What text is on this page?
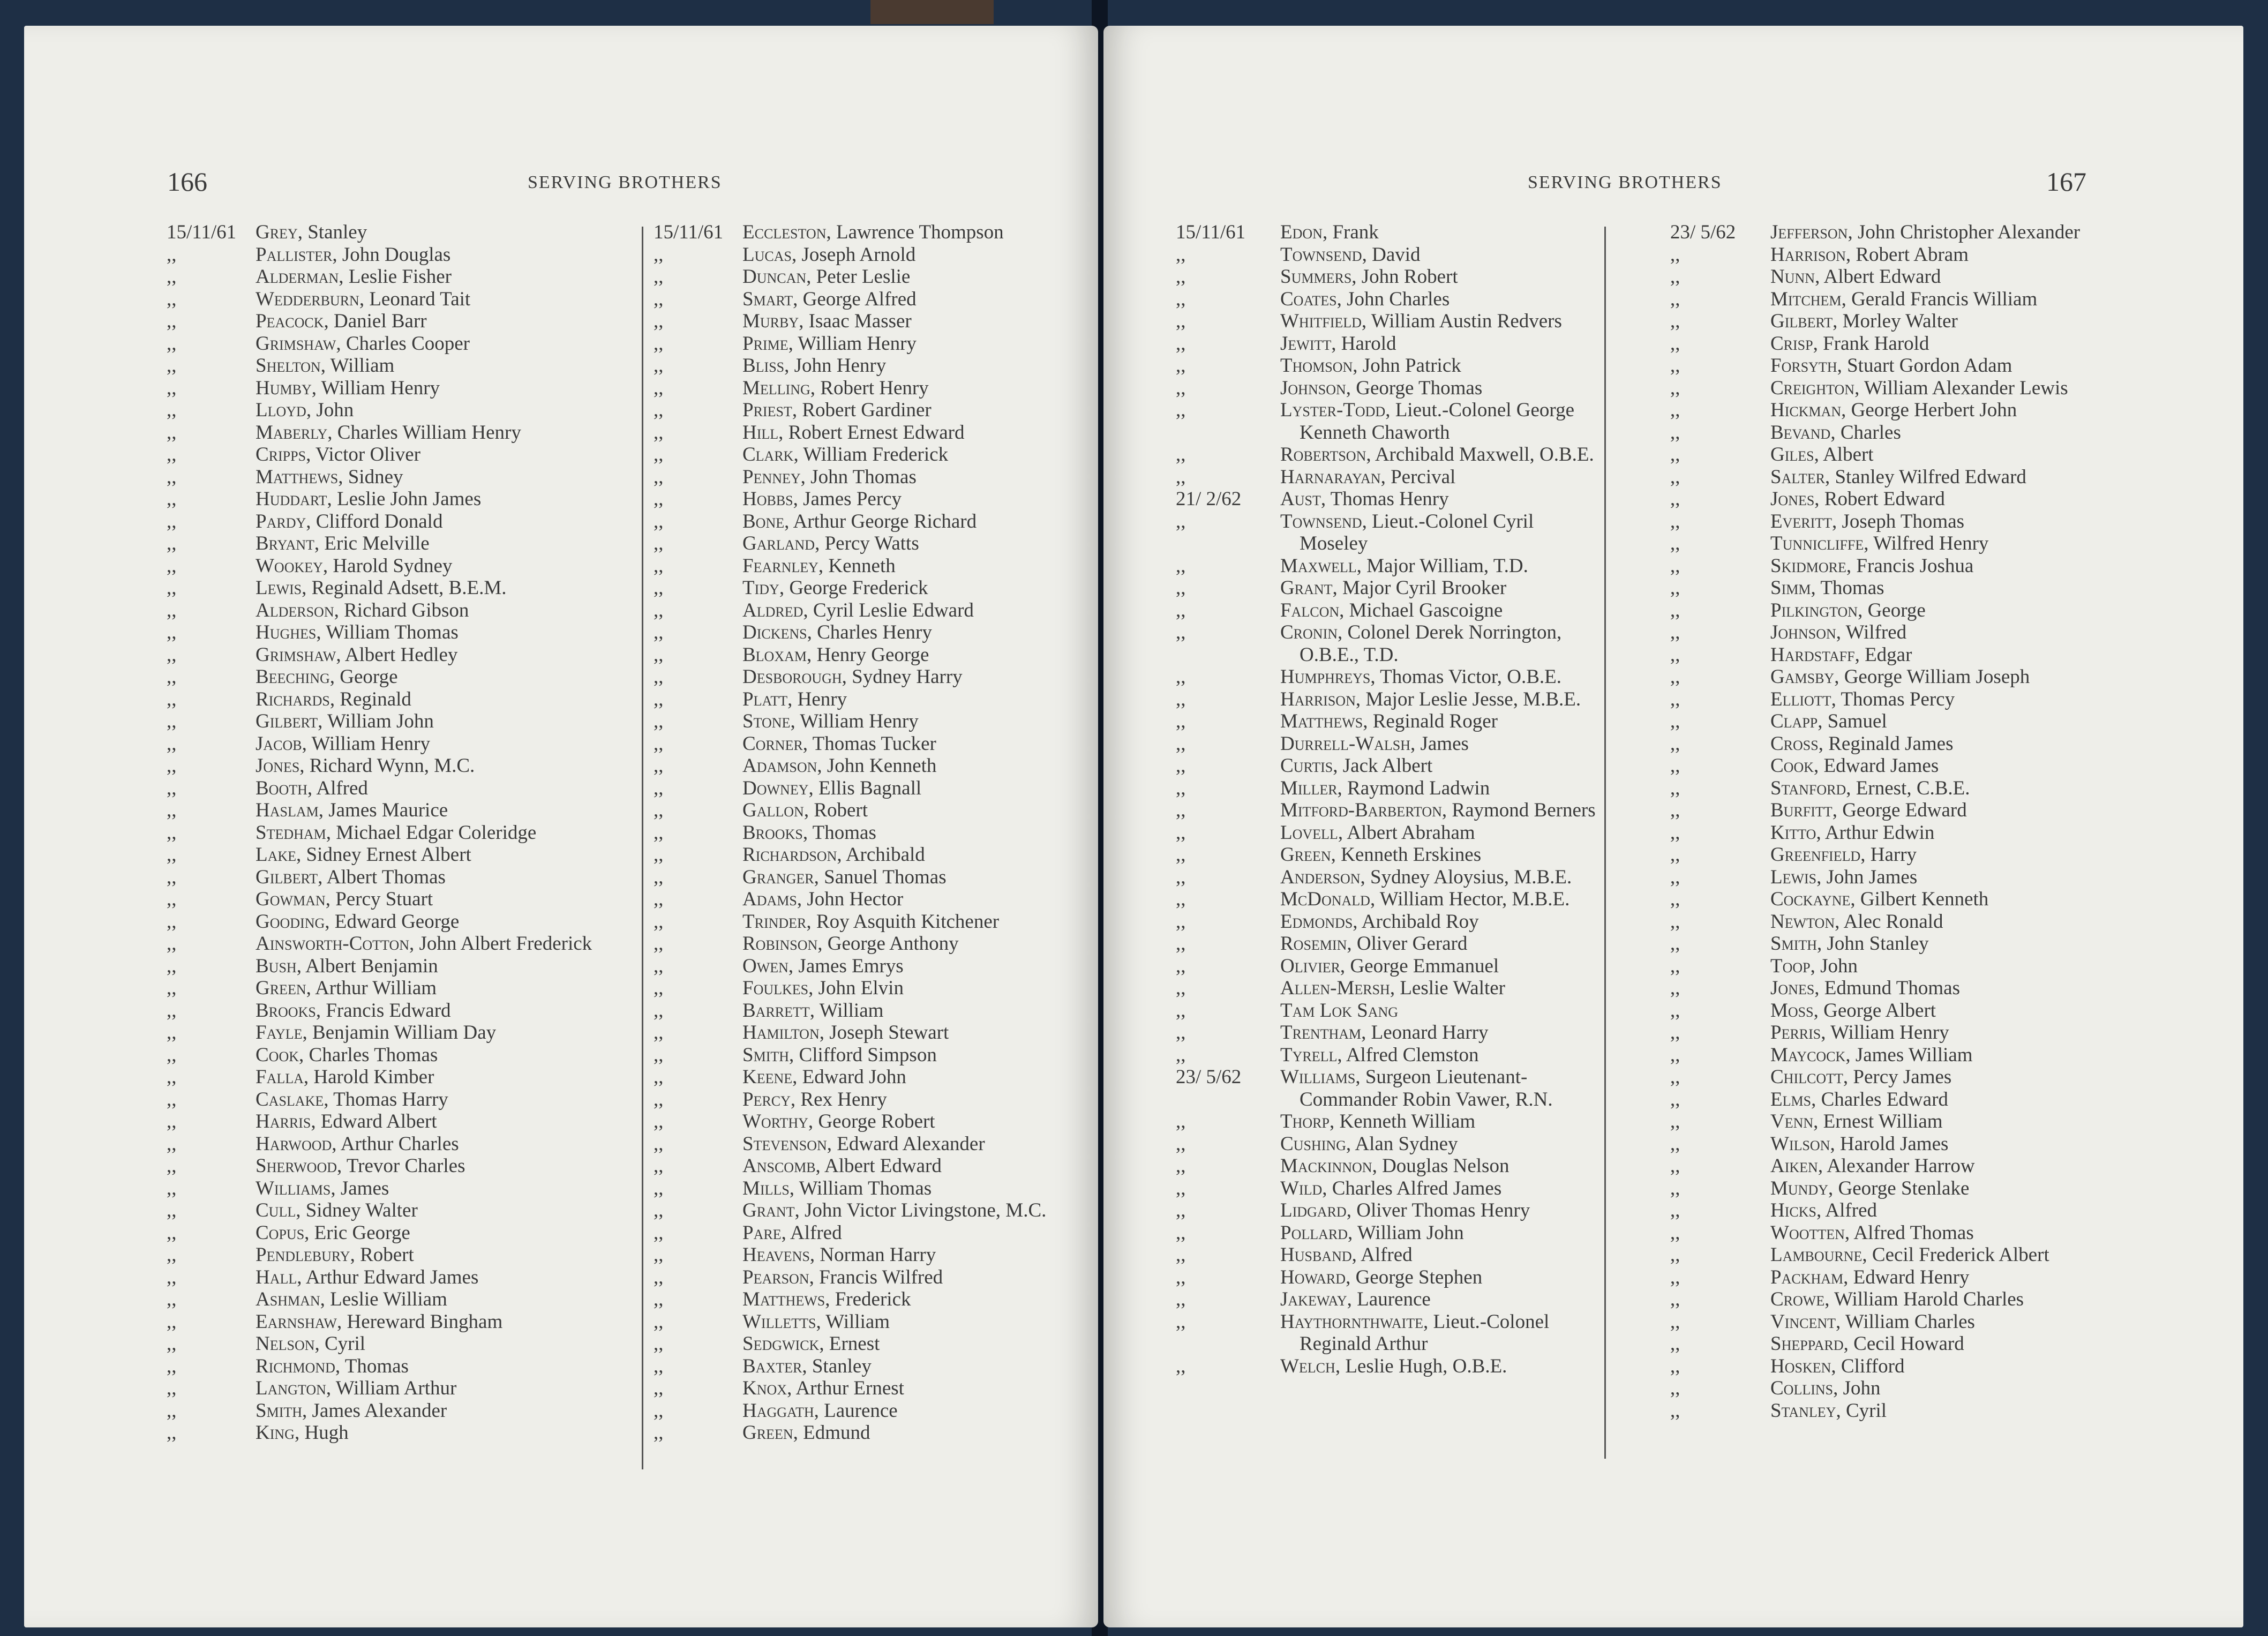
166	SERVING BROTHERS
15/11/61 Grey, Stanley
,,	Pallister, John Douglas
,,	Alderman, Leslie Fisher
,,	Wedderburn, Leonard Tait
,,	Peacock, Daniel Barr
,,	Grimshaw, Charles Cooper
,,	Shelton, William
,,	Humby, William Henry
,,	Lloyd, John
,,	Maberly, Charles William Henry
,,	Cripps, Victor Oliver
,,	Matthews, Sidney
,,	Huddart, Leslie John James
,,	Pardy, Clifford Donald
,,	Bryant, Eric Melville
,,	Wookey, Harold Sydney
,,	Lewis, Reginald Adsett, B.E.M.
,,	Alderson, Richard Gibson
,,	Hughes, William Thomas
,,	Grimshaw, Albert Hedley
,,	Beeching, George
,,	Richards, Reginald
,,	Gilbert, William John
,,	Jacob, William Henry
,,	Jones, Richard Wynn, M.C.
,,	Booth, Alfred
,,	Haslam, James Maurice
,,	Stedham, Michael Edgar Coleridge
,,	Lake, Sidney Ernest Albert
,,	Gilbert, Albert Thomas
,,	Gowman, Percy Stuart
,,	Gooding, Edward George
,,	Ainsworth-Cotton, John Albert Frederick
,,	Bush, Albert Benjamin
,,	Green, Arthur William
,,	Brooks, Francis Edward
,,	Fayle, Benjamin William Day
,,	Cook, Charles Thomas
,,	Falla, Harold Kimber
,,	Caslake, Thomas Harry
,,	Harris, Edward Albert
,,	Harwood, Arthur Charles
,,	Sherwood, Trevor Charles
,,	Williams, James
,,	Cull, Sidney Walter
,,	Copus, Eric George
,,	Pendlebury, Robert
,,	Hall, Arthur Edward James
,,	Ashman, Leslie William
,,	Earnshaw, Hereward Bingham
,,	Nelson, Cyril
,,	Richmond, Thomas
,,	Langton, William Arthur
,,	Smith, James Alexander
,,	King, Hugh
15/11/61 Eccleston, Lawrence Thompson
,,	Lucas, Joseph Arnold
,,	Duncan, Peter Leslie
,,	Smart, George Alfred
,,	Murby, Isaac Masser
,,	Prime, William Henry
,,	Bliss, John Henry
,,	Melling, Robert Henry
,,	Priest, Robert Gardiner
,,	Hill, Robert Ernest Edward
,,	Clark, William Frederick
,,	Penney, John Thomas
,,	Hobbs, James Percy
,,	Bone, Arthur George Richard
,,	Garland, Percy Watts
,,	Fearnley, Kenneth
,,	Tidy, George Frederick
,,	Aldred, Cyril Leslie Edward
,,	Dickens, Charles Henry
,,	Bloxam, Henry George
,,	Desborough, Sydney Harry
,,	Platt, Henry
,,	Stone, William Henry
,,	Corner, Thomas Tucker
,,	Adamson, John Kenneth
,,	Downey, Ellis Bagnall
,,	Gallon, Robert
,,	Brooks, Thomas
,,	Richardson, Archibald
,,	Granger, Sanuel Thomas
,,	Adams, John Hector
,,	Trinder, Roy Asquith Kitchener
,,	Robinson, George Anthony
,,	Owen, James Emrys
,,	Foulkes, John Elvin
,,	Barrett, William
,,	Hamilton, Joseph Stewart
,,	Smith, Clifford Simpson
,,	Keene, Edward John
,,	Percy, Rex Henry
,,	Worthy, George Robert
,,	Stevenson, Edward Alexander
,,	Anscomb, Albert Edward
,,	Mills, William Thomas
,,	Grant, John Victor Livingstone, M.C.
,,	Pare, Alfred
,,	Heavens, Norman Harry
,,	Pearson, Francis Wilfred
,,	Matthews, Frederick
,,	Willetts, William
,,	Sedgwick, Ernest
,,	Baxter, Stanley
,,	Knox, Arthur Ernest
,,	Haggath, Laurence
,,	Green, Edmund
SERVING BROTHERS	167
15/11/61	Edon, Frank
,,	Townsend, David
,,	Summers, John Robert
,,	Coates, John Charles
,,	Whitfield, William Austin Redvers
,,	Jewitt, Harold
,,	Thomson, John Patrick
,,	Johnson, George Thomas
,,	Lyster-Todd, Lieut.-Colonel George Kenneth Chaworth
,,	Robertson, Archibald Maxwell, O.B.E.
,,	Harnarayan, Percival
21/ 2/62	Aust, Thomas Henry
,,	Townsend, Lieut.-Colonel Cyril Moseley
,,	Maxwell, Major William, T.D.
,,	Grant, Major Cyril Brooker
,,	Falcon, Michael Gascoigne
,,	Cronin, Colonel Derek Norrington, O.B.E., T.D.
,,	Humphreys, Thomas Victor, O.B.E.
,,	Harrison, Major Leslie Jesse, M.B.E.
,,	Matthews, Reginald Roger
,,	Durrell-Walsh, James
,,	Curtis, Jack Albert
,,	Miller, Raymond Ladwin
,,	Mitford-Barberton, Raymond Berners
,,	Lovell, Albert Abraham
,,	Green, Kenneth Erskines
,,	Anderson, Sydney Aloysius, M.B.E.
,,	McDonald, William Hector, M.B.E.
,,	Edmonds, Archibald Roy
,,	Rosemin, Oliver Gerard
,,	Olivier, George Emmanuel
,,	Allen-Mersh, Leslie Walter
,,	Tam Lok Sang
,,	Trentham, Leonard Harry
,,	Tyrell, Alfred Clemston
23/ 5/62	Williams, Surgeon Lieutenant-Commander Robin Vawer, R.N.
,,	Thorp, Kenneth William
,,	Cushing, Alan Sydney
,,	Mackinnon, Douglas Nelson
,,	Wild, Charles Alfred James
,,	Lidgard, Oliver Thomas Henry
,,	Pollard, William John
,,	Husband, Alfred
,,	Howard, George Stephen
,,	Jakeway, Laurence
,,	Haythornthwaite, Lieut.-Colonel Reginald Arthur
,,	Welch, Leslie Hugh, O.B.E.
23/ 5/62	Jefferson, John Christopher Alexander
,,	Harrison, Robert Abram
,,	Nunn, Albert Edward
,,	Mitchem, Gerald Francis William
,,	Gilbert, Morley Walter
,,	Crisp, Frank Harold
,,	Forsyth, Stuart Gordon Adam
,,	Creighton, William Alexander Lewis
,,	Hickman, George Herbert John
,,	Bevand, Charles
,,	Giles, Albert
,,	Salter, Stanley Wilfred Edward
,,	Jones, Robert Edward
,,	Everitt, Joseph Thomas
,,	Tunnicliffe, Wilfred Henry
,,	Skidmore, Francis Joshua
,,	Simm, Thomas
,,	Pilkington, George
,,	Johnson, Wilfred
,,	Hardstaff, Edgar
,,	Gamsby, George William Joseph
,,	Elliott, Thomas Percy
,,	Clapp, Samuel
,,	Cross, Reginald James
,,	Cook, Edward James
,,	Stanford, Ernest, C.B.E.
,,	Burfitt, George Edward
,,	Kitto, Arthur Edwin
,,	Greenfield, Harry
,,	Lewis, John James
,,	Cockayne, Gilbert Kenneth
,,	Newton, Alec Ronald
,,	Smith, John Stanley
,,	Toop, John
,,	Jones, Edmund Thomas
,,	Moss, George Albert
,,	Perris, William Henry
,,	Maycock, James William
,,	Chilcott, Percy James
,,	Elms, Charles Edward
,,	Venn, Ernest William
,,	Wilson, Harold James
,,	Aiken, Alexander Harrow
,,	Mundy, George Stenlake
,,	Hicks, Alfred
,,	Wootten, Alfred Thomas
,,	Lambourne, Cecil Frederick Albert
,,	Packham, Edward Henry
,,	Crowe, William Harold Charles
,,	Vincent, William Charles
,,	Sheppard, Cecil Howard
,,	Hosken, Clifford
,,	Collins, John
,,	Stanley, Cyril
